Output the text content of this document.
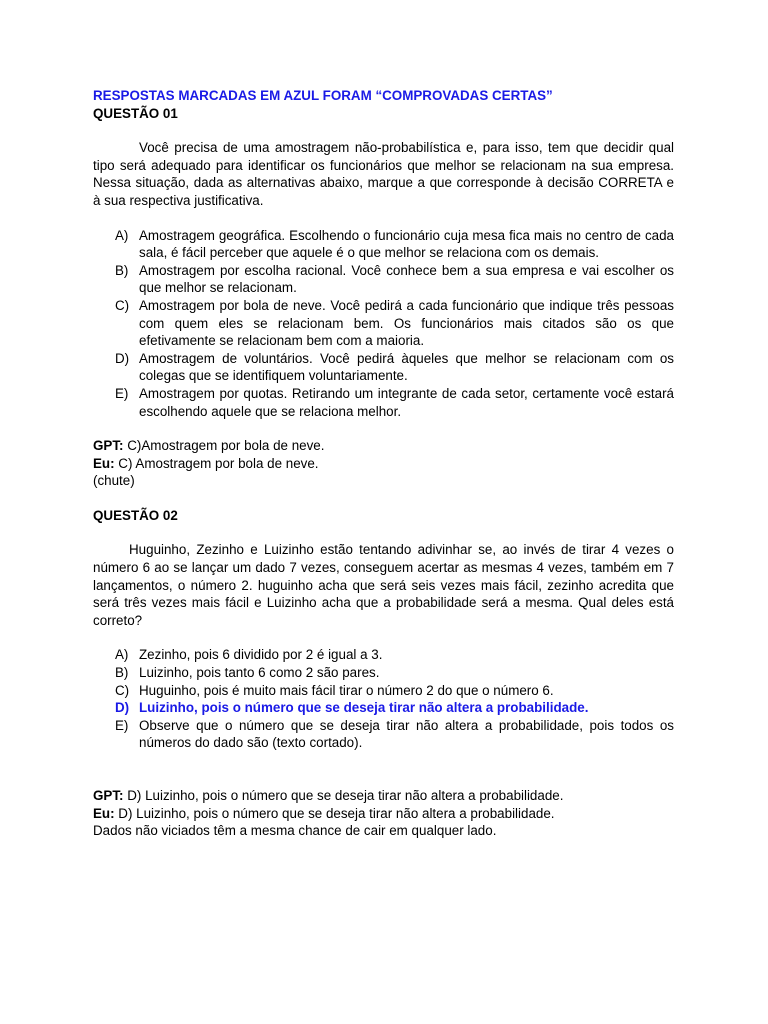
RESPOSTAS MARCADAS EM AZUL FORAM “COMPROVADAS CERTAS”
QUESTÃO 01
Você precisa de uma amostragem não-probabilística e, para isso, tem que decidir qual tipo será adequado para identificar os funcionários que melhor se relacionam na sua empresa. Nessa situação, dada as alternativas abaixo, marque a que corresponde à decisão CORRETA e à sua respectiva justificativa.
A) Amostragem geográfica. Escolhendo o funcionário cuja mesa fica mais no centro de cada sala, é fácil perceber que aquele é o que melhor se relaciona com os demais.
B) Amostragem por escolha racional. Você conhece bem a sua empresa e vai escolher os que melhor se relacionam.
C) Amostragem por bola de neve. Você pedirá a cada funcionário que indique três pessoas com quem eles se relacionam bem. Os funcionários mais citados são os que efetivamente se relacionam bem com a maioria.
D) Amostragem de voluntários. Você pedirá àqueles que melhor se relacionam com os colegas que se identifiquem voluntariamente.
E) Amostragem por quotas. Retirando um integrante de cada setor, certamente você estará escolhendo aquele que se relaciona melhor.
GPT: C)Amostragem por bola de neve.
Eu: C) Amostragem por bola de neve.
(chute)
QUESTÃO 02
Huguinho, Zezinho e Luizinho estão tentando adivinhar se, ao invés de tirar 4 vezes o número 6 ao se lançar um dado 7 vezes, conseguem acertar as mesmas 4 vezes, também em 7 lançamentos, o número 2. huguinho acha que será seis vezes mais fácil, zezinho acredita que será três vezes mais fácil e Luizinho acha que a probabilidade será a mesma. Qual deles está correto?
A) Zezinho, pois 6 dividido por 2 é igual a 3.
B) Luizinho, pois tanto 6 como 2 são pares.
C) Huguinho, pois é muito mais fácil tirar o número 2 do que o número 6.
D) Luizinho, pois o número que se deseja tirar não altera a probabilidade.
E) Observe que o número que se deseja tirar não altera a probabilidade, pois todos os números do dado são (texto cortado).
GPT: D) Luizinho, pois o número que se deseja tirar não altera a probabilidade.
Eu: D) Luizinho, pois o número que se deseja tirar não altera a probabilidade.
Dados não viciados têm a mesma chance de cair em qualquer lado.
